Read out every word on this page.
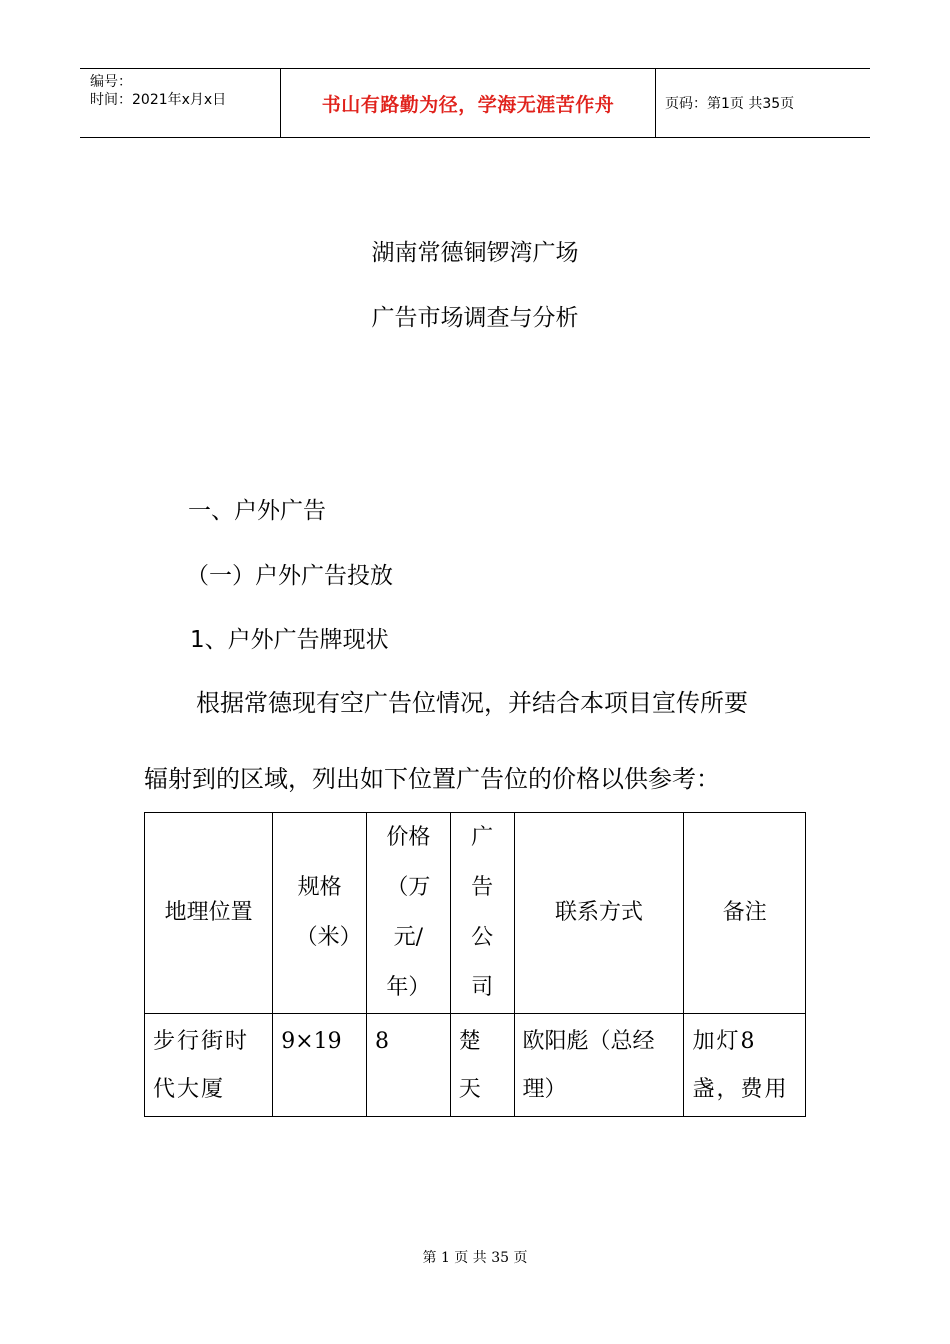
编号：
时间：2021年x月x日	书山有路勤为径，学海无涯苦作舟	页码：第1页 共35页
湖南常德铜锣湾广场
广告市场调查与分析
一、户外广告
（一）户外广告投放
1、户外广告牌现状
根据常德现有空广告位情况，并结合本项目宣传所要
辐射到的区域，列出如下位置广告位的价格以供参考：
地理位置	规格（米）	价格（万元/年）	广告公司	联系方式	备注
步行街时代大厦	9×19	8	楚天	欧阳彪（总经理）	加灯8盏，费用
第 1 页 共 35 页
